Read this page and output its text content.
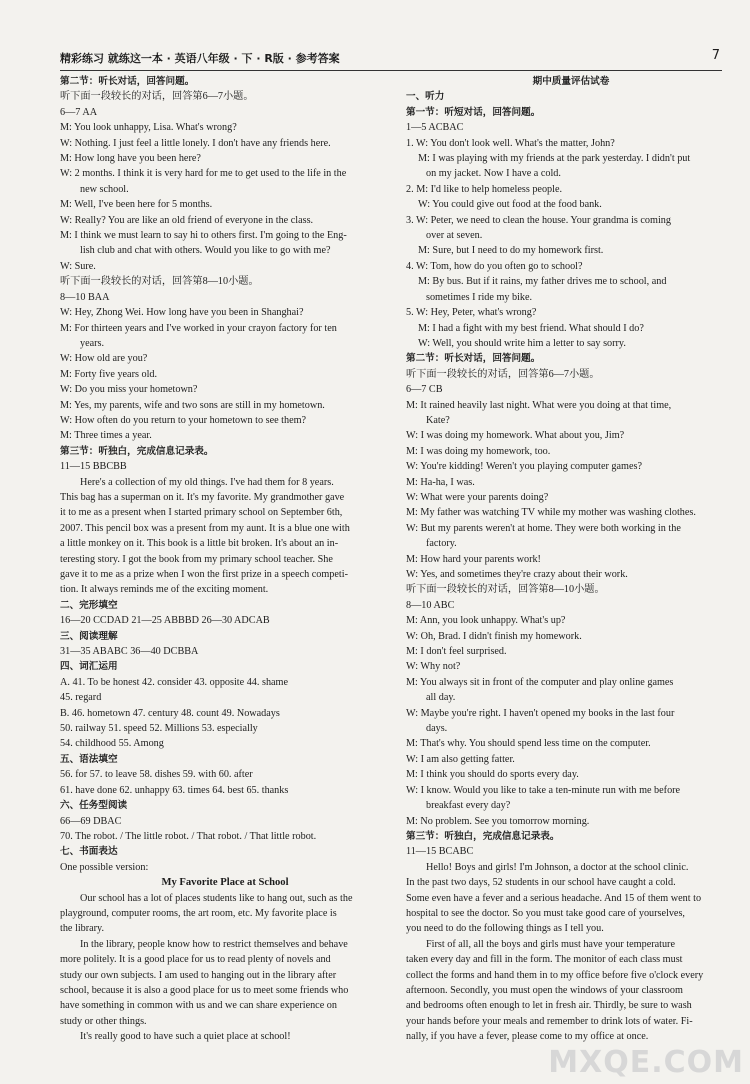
精彩练习 就练这一本 · 英语八年级 · 下 · R版 · 参考答案	7
第二节：听长对话，回答问题。
听下面一段较长的对话，回答第6—7小题。
6—7 AA
M: You look unhappy, Lisa. What's wrong?
W: Nothing. I just feel a little lonely. I don't have any friends here.
M: How long have you been here?
W: 2 months. I think it is very hard for me to get used to the life in the
new school.
M: Well, I've been here for 5 months.
W: Really? You are like an old friend of everyone in the class.
M: I think we must learn to say hi to others first. I'm going to the Eng-
lish club and chat with others. Would you like to go with me?
W: Sure.
听下面一段较长的对话，回答第8—10小题。
8—10 BAA
W: Hey, Zhong Wei. How long have you been in Shanghai?
M: For thirteen years and I've worked in your crayon factory for ten
years.
W: How old are you?
M: Forty five years old.
W: Do you miss your hometown?
M: Yes, my parents, wife and two sons are still in my hometown.
W: How often do you return to your hometown to see them?
M: Three times a year.
第三节：听独白，完成信息记录表。
11—15 BBCBB
Here's a collection of my old things. I've had them for 8 years.
This bag has a superman on it. It's my favorite. My grandmother gave
it to me as a present when I started primary school on September 6th,
2007. This pencil box was a present from my aunt. It is a blue one with
a little monkey on it. This book is a little bit broken. It's about an in-
teresting story. I got the book from my primary school teacher. She
gave it to me as a prize when I won the first prize in a speech competi-
tion. It always reminds me of the exciting moment.
二、完形填空
16—20 CCDAD 21—25 ABBBD 26—30 ADCAB
三、阅读理解
31—35 ABABC 36—40 DCBBA
四、词汇运用
A. 41. To be honest 42. consider 43. opposite 44. shame
45. regard
B. 46. hometown 47. century 48. count 49. Nowadays
50. railway 51. speed 52. Millions 53. especially
54. childhood 55. Among
五、语法填空
56. for 57. to leave 58. dishes 59. with 60. after
61. have done 62. unhappy 63. times 64. best 65. thanks
六、任务型阅读
66—69 DBAC
70. The robot. / The little robot. / That robot. / That little robot.
七、书面表达
One possible version:
My Favorite Place at School
Our school has a lot of places students like to hang out, such as the
playground, computer rooms, the art room, etc. My favorite place is
the library.
In the library, people know how to restrict themselves and behave
more politely. It is a good place for us to read plenty of novels and
study our own subjects. I am used to hanging out in the library after
school, because it is also a good place for us to meet some friends who
have something in common with us and we can share experience on
study or other things.
It's really good to have such a quiet place at school!
期中质量评估试卷
一、听力
第一节：听短对话，回答问题。
1—5 ACBAC
1. W: You don't look well. What's the matter, John?
M: I was playing with my friends at the park yesterday. I didn't put
on my jacket. Now I have a cold.
2. M: I'd like to help homeless people.
W: You could give out food at the food bank.
3. W: Peter, we need to clean the house. Your grandma is coming
over at seven.
M: Sure, but I need to do my homework first.
4. W: Tom, how do you often go to school?
M: By bus. But if it rains, my father drives me to school, and
sometimes I ride my bike.
5. W: Hey, Peter, what's wrong?
M: I had a fight with my best friend. What should I do?
W: Well, you should write him a letter to say sorry.
第二节：听长对话，回答问题。
听下面一段较长的对话，回答第6—7小题。
6—7 CB
M: It rained heavily last night. What were you doing at that time,
Kate?
W: I was doing my homework. What about you, Jim?
M: I was doing my homework, too.
W: You're kidding! Weren't you playing computer games?
M: Ha-ha, I was.
W: What were your parents doing?
M: My father was watching TV while my mother was washing clothes.
W: But my parents weren't at home. They were both working in the
factory.
M: How hard your parents work!
W: Yes, and sometimes they're crazy about their work.
听下面一段较长的对话，回答第8—10小题。
8—10 ABC
M: Ann, you look unhappy. What's up?
W: Oh, Brad. I didn't finish my homework.
M: I don't feel surprised.
W: Why not?
M: You always sit in front of the computer and play online games
all day.
W: Maybe you're right. I haven't opened my books in the last four
days.
M: That's why. You should spend less time on the computer.
W: I am also getting fatter.
M: I think you should do sports every day.
W: I know. Would you like to take a ten-minute run with me before
breakfast every day?
M: No problem. See you tomorrow morning.
第三节：听独白，完成信息记录表。
11—15 BCABC
Hello! Boys and girls! I'm Johnson, a doctor at the school clinic.
In the past two days, 52 students in our school have caught a cold.
Some even have a fever and a serious headache. And 15 of them went to
hospital to see the doctor. So you must take good care of yourselves,
you need to do the following things as I tell you.
First of all, all the boys and girls must have your temperature
taken every day and fill in the form. The monitor of each class must
collect the forms and hand them in to my office before five o'clock every
afternoon. Secondly, you must open the windows of your classroom
and bedrooms often enough to let in fresh air. Thirdly, be sure to wash
your hands before your meals and remember to drink lots of water. Fi-
nally, if you have a fever, please come to my office at once.
MXQE.COM
